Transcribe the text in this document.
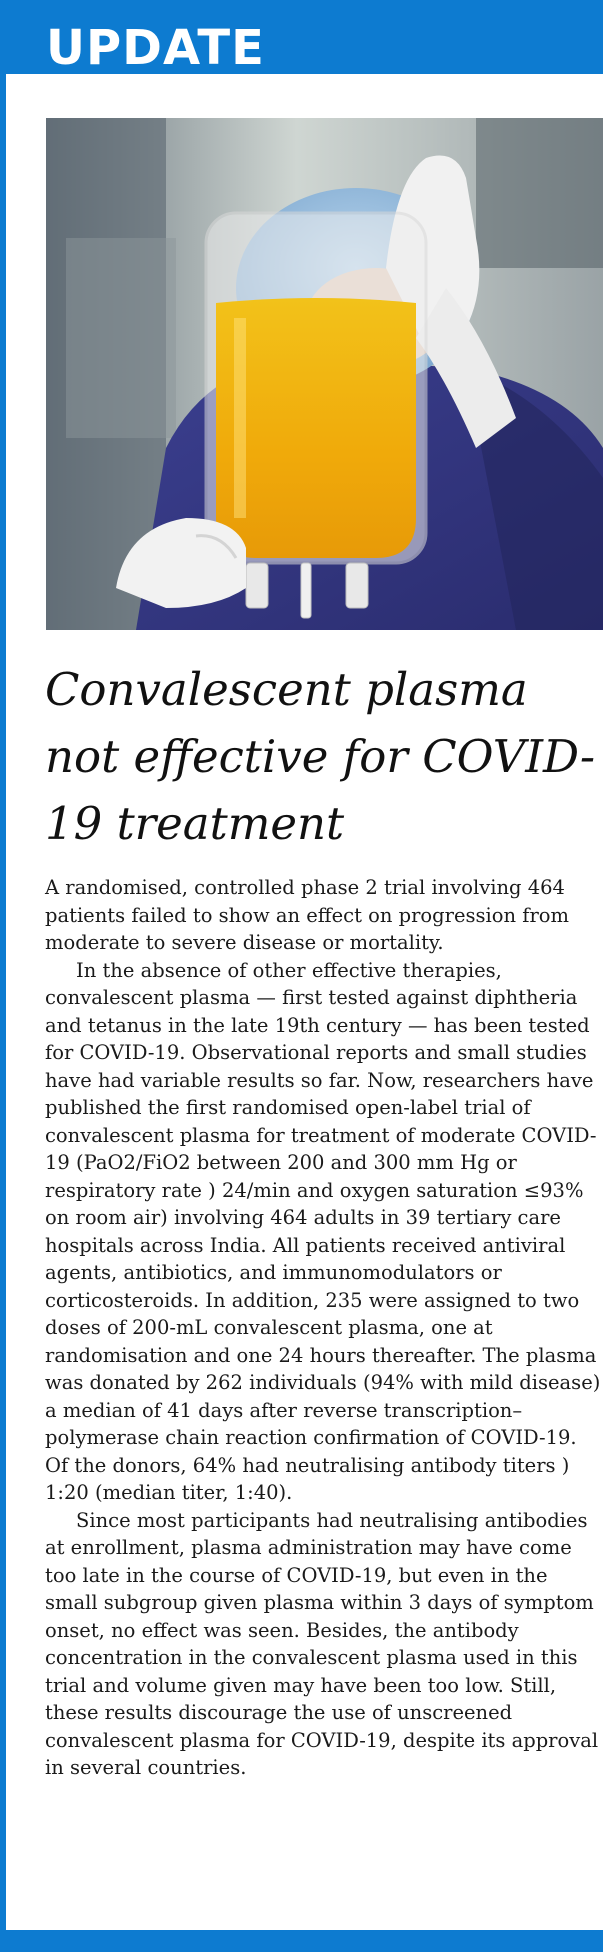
UPDATE
Convalescent plasma not effective for COVID-19 treatment

A randomised, controlled phase 2 trial involving 464 patients failed to show an effect on progression from moderate to severe disease or mortality.

In the absence of other effective therapies, convalescent plasma — first tested against diphtheria and tetanus in the late 19th century — has been tested for COVID-19. Observational reports and small studies have had variable results so far. Now, researchers have published the first randomised open-label trial of convalescent plasma for treatment of moderate COVID-19 (PaO2/FiO2 between 200 and 300 mm Hg or respiratory rate ) 24/min and oxygen saturation ≤93% on room air) involving 464 adults in 39 tertiary care hospitals across India. All patients received antiviral agents, antibiotics, and immunomodulators or corticosteroids. In addition, 235 were assigned to two doses of 200-mL convalescent plasma, one at randomisation and one 24 hours thereafter. The plasma was donated by 262 individuals (94% with mild disease) a median of 41 days after reverse transcription–polymerase chain reaction confirmation of COVID-19. Of the donors, 64% had neutralising antibody titers ) 1:20 (median titer, 1:40).

Since most participants had neutralising antibodies at enrollment, plasma administration may have come too late in the course of COVID-19, but even in the small subgroup given plasma within 3 days of symptom onset, no effect was seen. Besides, the antibody concentration in the convalescent plasma used in this trial and volume given may have been too low. Still, these results discourage the use of unscreened convalescent plasma for COVID-19, despite its approval in several countries.
